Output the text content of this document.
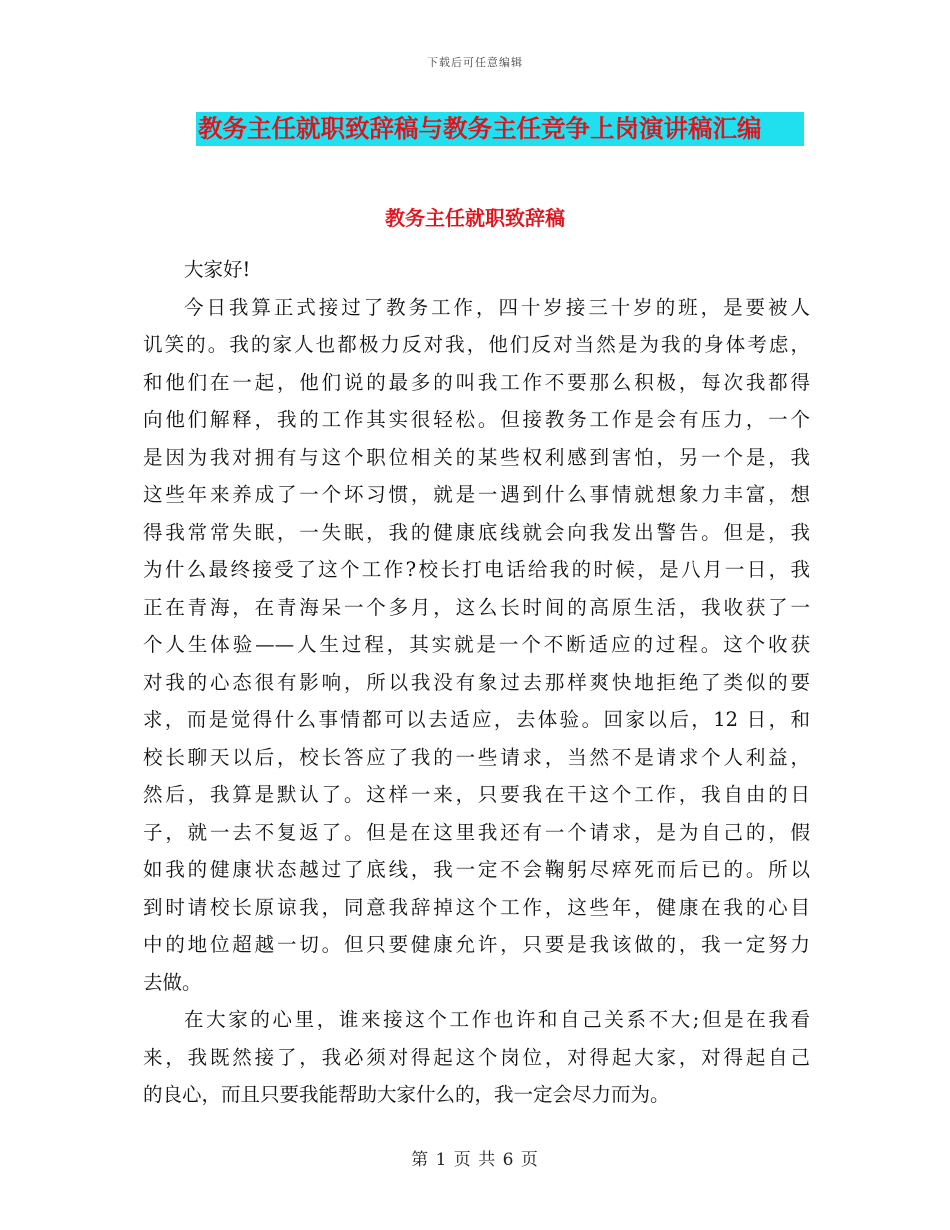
下载后可任意编辑
教务主任就职致辞稿与教务主任竞争上岗演讲稿汇编
教务主任就职致辞稿
大家好!
今日我算正式接过了教务工作，四十岁接三十岁的班，是要被人
讥笑的。我的家人也都极力反对我，他们反对当然是为我的身体考虑，
和他们在一起，他们说的最多的叫我工作不要那么积极，每次我都得
向他们解释，我的工作其实很轻松。但接教务工作是会有压力，一个
是因为我对拥有与这个职位相关的某些权利感到害怕，另一个是，我
这些年来养成了一个坏习惯，就是一遇到什么事情就想象力丰富，想
得我常常失眠，一失眠，我的健康底线就会向我发出警告。但是，我
为什么最终接受了这个工作?校长打电话给我的时候，是八月一日，我
正在青海，在青海呆一个多月，这么长时间的高原生活，我收获了一
个人生体验——人生过程，其实就是一个不断适应的过程。这个收获
对我的心态很有影响，所以我没有象过去那样爽快地拒绝了类似的要
求，而是觉得什么事情都可以去适应，去体验。回家以后，12 日，和
校长聊天以后，校长答应了我的一些请求，当然不是请求个人利益，
然后，我算是默认了。这样一来，只要我在干这个工作，我自由的日
子，就一去不复返了。但是在这里我还有一个请求，是为自己的，假
如我的健康状态越过了底线，我一定不会鞠躬尽瘁死而后已的。所以
到时请校长原谅我，同意我辞掉这个工作，这些年，健康在我的心目
中的地位超越一切。但只要健康允许，只要是我该做的，我一定努力
去做。
在大家的心里，谁来接这个工作也许和自己关系不大;但是在我看
来，我既然接了，我必须对得起这个岗位，对得起大家，对得起自己
的良心，而且只要我能帮助大家什么的，我一定会尽力而为。
第 1 页 共 6 页
